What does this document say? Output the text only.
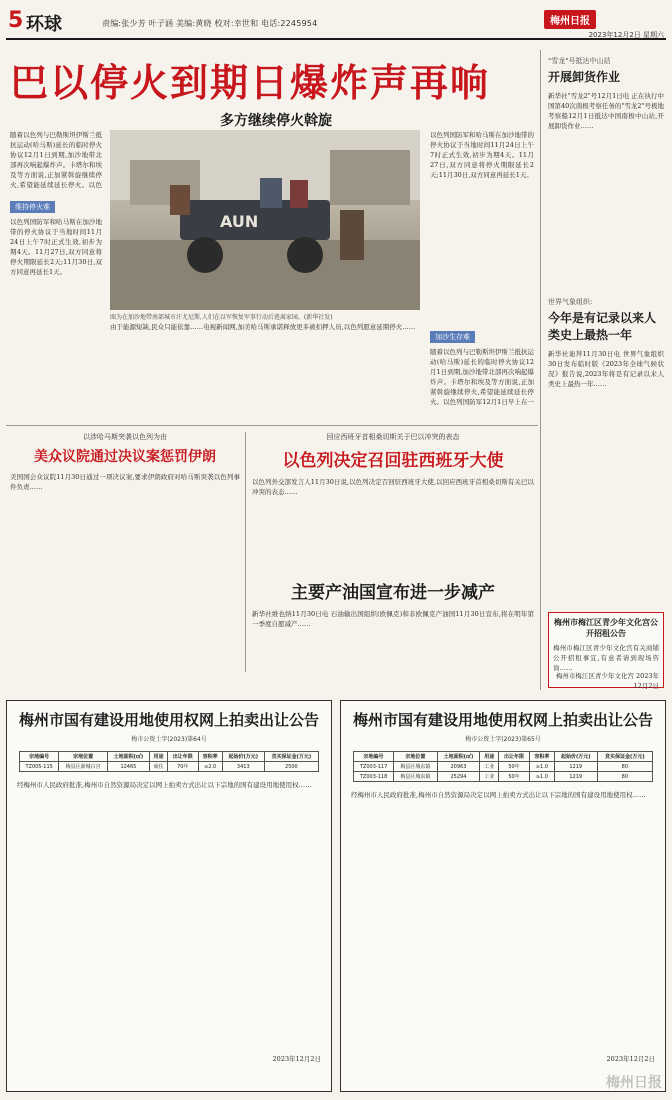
5 环球	责编:张少芳 叶子涵 美编:黄晓 校对:幸世和 电话:2245954	梅州日报
2023年12月2日 星期六
巴以停火到期日爆炸声再响
多方继续停火斡旋
随着以色列与巴勒斯坦伊斯兰抵抗运动(哈马斯)延长的临时停火协议12月1日到期,加沙地带北部再次响起爆炸声。卡塔尔和埃及等方面说,正加紧斡旋继续停火,希望能延续延长停火。以色
维持停火难
以色列国防军和哈马斯在加沙地带的停火协议于当地时间11月24日上午7时正式生效,初步为期4天。11月27日,双方同意将停火期限延长2天;11月30日,双方同意再延长1天。
AUN
图为在加沙地带南部城市汗尤尼斯,人们在以军恢复军事行动后逃离家园。(新华社发)
以色列国防军和哈马斯在加沙地带的停火协议于当地时间11月24日上午7时正式生效,初步为期4天。11月27日,双方同意将停火期限延长2天;11月30日,双方同意再延长1天。
加沙生存难
随着以色列与巴勒斯坦伊斯兰抵抗运动(哈马斯)延长的临时停火协议12月1日到期,加沙地带北部再次响起爆炸声。卡塔尔和埃及等方面说,正加紧斡旋继续停火,希望能延续延长停火。以色列国防军12月1日早上在一
由于能源短缺,民众只能依靠……电视新闻网,加美哈马斯承诺释放更多被扣押人员,以色列愿意延期停火……
以涉哈马斯突袭以色列为由
美众议院通过决议案惩罚伊朗
美国国会众议院11月30日通过一项决议案,要求伊朗政府对哈马斯突袭以色列事件负责……
回应西班牙首相桑切斯关于巴以冲突的表态
以色列决定召回驻西班牙大使
以色列外交部发言人11月30日说,以色列决定召回驻西班牙大使,以回应西班牙首相桑切斯有关巴以冲突的表态……
主要产油国宣布进一步减产
新华社维也纳11月30日电 石油输出国组织(欧佩克)和非欧佩克产油国11月30日宣布,将在明年第一季度自愿减产……
"雪龙"号抵达中山站
开展卸货作业
新华社"雪龙2"号12月1日电 正在执行中国第40次南极考察任务的"雪龙2"号极地考察船12月1日抵达中国南极中山站,开展卸货作业……
世界气象组织:
今年是有记录以来人类史上最热一年
新华社迪拜11月30日电 世界气象组织30日发布临时版《2023年全球气候状况》报告说,2023年将是有记录以来人类史上最热一年……
梅州市梅江区青少年文化宫公开招租公告
梅州市梅江区青少年文化宫有关商铺公开招租事宜,有意者请到现场咨询……
梅州市梅江区青少年文化宫 2023年12月2日
梅州市国有建设用地使用权网上拍卖出让公告
梅市公资土字(2023)第64号
宗地编号	宗地位置	土地面积(㎡)	用途	出让年限	容积率	起始价(万元)	竞买保证金(万元)
TZ005-115	梅县区新城白宫	12465	商住	70年	≤2.0	3413	2500
经梅州市人民政府批准,梅州市自然资源局决定以网上拍卖方式出让以下宗地的国有建设用地使用权……
2023年12月2日
梅州市国有建设用地使用权网上拍卖出让公告
梅市公资土字(2023)第65号
宗地编号	宗地位置	土地面积(㎡)	用途	出让年限	容积率	起始价(万元)	竞买保证金(万元)
TZ003-117	梅县区城东镇	20963	工业	50年	≥1.0	1219	80
TZ003-118	梅县区城东镇	25294	工业	50年	≥1.0	1219	80
经梅州市人民政府批准,梅州市自然资源局决定以网上拍卖方式出让以下宗地的国有建设用地使用权……
2023年12月2日
梅州日报
